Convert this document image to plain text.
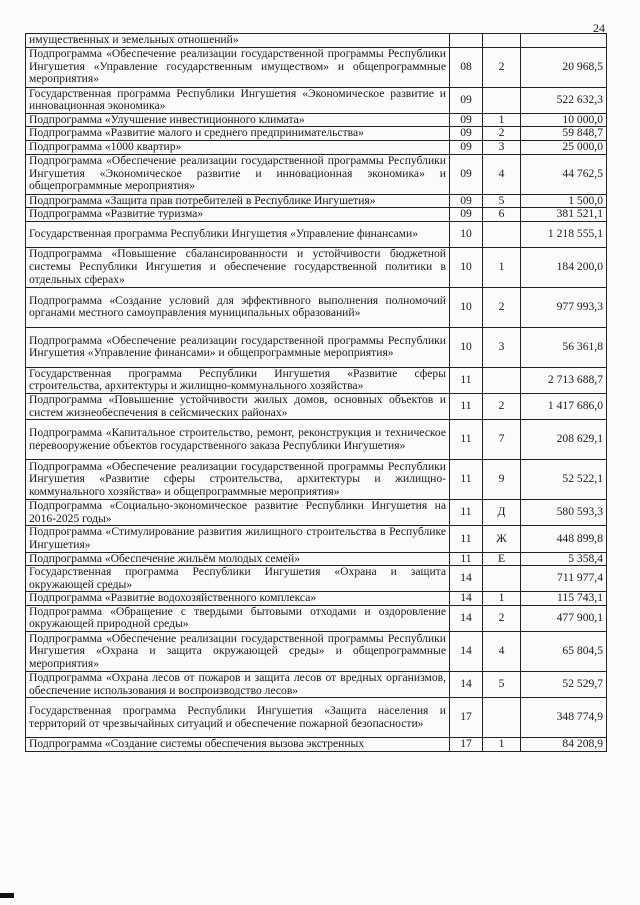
24
имущественных и земельных отношений»			
Подпрограмма «Обеспечение реализации государственной программы Республики Ингушетия «Управление государственным имуществом» и общепрограммные мероприятия»	08	2	20 968,5
Государственная программа Республики Ингушетия «Экономическое развитие и инновационная экономика»	09		522 632,3
Подпрограмма «Улучшение инвестиционного климата»	09	1	10 000,0
Подпрограмма «Развитие малого и среднего предпринимательства»	09	2	59 848,7
Подпрограмма «1000 квартир»	09	3	25 000,0
Подпрограмма «Обеспечение реализации государственной программы Республики Ингушетия «Экономическое развитие и инновационная экономика» и общепрограммные мероприятия»	09	4	44 762,5
Подпрограмма «Защита прав потребителей в Республике Ингушетия»	09	5	1 500,0
Подпрограмма «Развитие туризма»	09	6	381 521,1
Государственная программа Республики Ингушетия «Управление финансами»	10		1 218 555,1
Подпрограмма «Повышение сбалансированности и устойчивости бюджетной системы Республики Ингушетия и обеспечение государственной политики в отдельных сферах»	10	1	184 200,0
Подпрограмма «Создание условий для эффективного выполнения полномочий органами местного самоуправления муниципальных образований»	10	2	977 993,3
Подпрограмма «Обеспечение реализации государственной программы Республики Ингушетия «Управление финансами» и общепрограммные мероприятия»	10	3	56 361,8
Государственная программа Республики Ингушетия «Развитие сферы строительства, архитектуры и жилищно-коммунального хозяйства»	11		2 713 688,7
Подпрограмма «Повышение устойчивости жилых домов, основных объектов и систем жизнеобеспечения в сейсмических районах»	11	2	1 417 686,0
Подпрограмма «Капитальное строительство, ремонт, реконструкция и техническое перевооружение объектов государственного заказа Республики Ингушетия»	11	7	208 629,1
Подпрограмма «Обеспечение реализации государственной программы Республики Ингушетия «Развитие сферы строительства, архитектуры и жилищно-коммунального хозяйства» и общепрограммные мероприятия»	11	9	52 522,1
Подпрограмма «Социально-экономическое развитие Республики Ингушетия на 2016-2025 годы»	11	Д	580 593,3
Подпрограмма «Стимулирование развития жилищного строительства в Республике Ингушетия»	11	Ж	448 899,8
Подпрограмма «Обеспечение жильём молодых семей»	11	Е	5 358,4
Государственная программа Республики Ингушетия «Охрана и защита окружающей среды»	14		711 977,4
Подпрограмма «Развитие водохозяйственного комплекса»	14	1	115 743,1
Подпрограмма «Обращение с твердыми бытовыми отходами и оздоровление окружающей природной среды»	14	2	477 900,1
Подпрограмма «Обеспечение реализации государственной программы Республики Ингушетия «Охрана и защита окружающей среды» и общепрограммные мероприятия»	14	4	65 804,5
Подпрограмма «Охрана лесов от пожаров и защита лесов от вредных организмов, обеспечение использования и воспроизводство лесов»	14	5	52 529,7
Государственная программа Республики Ингушетия «Защита населения и территорий от чрезвычайных ситуаций и обеспечение пожарной безопасности»	17		348 774,9
Подпрограмма «Создание системы обеспечения вызова экстренных	17	1	84 208,9
